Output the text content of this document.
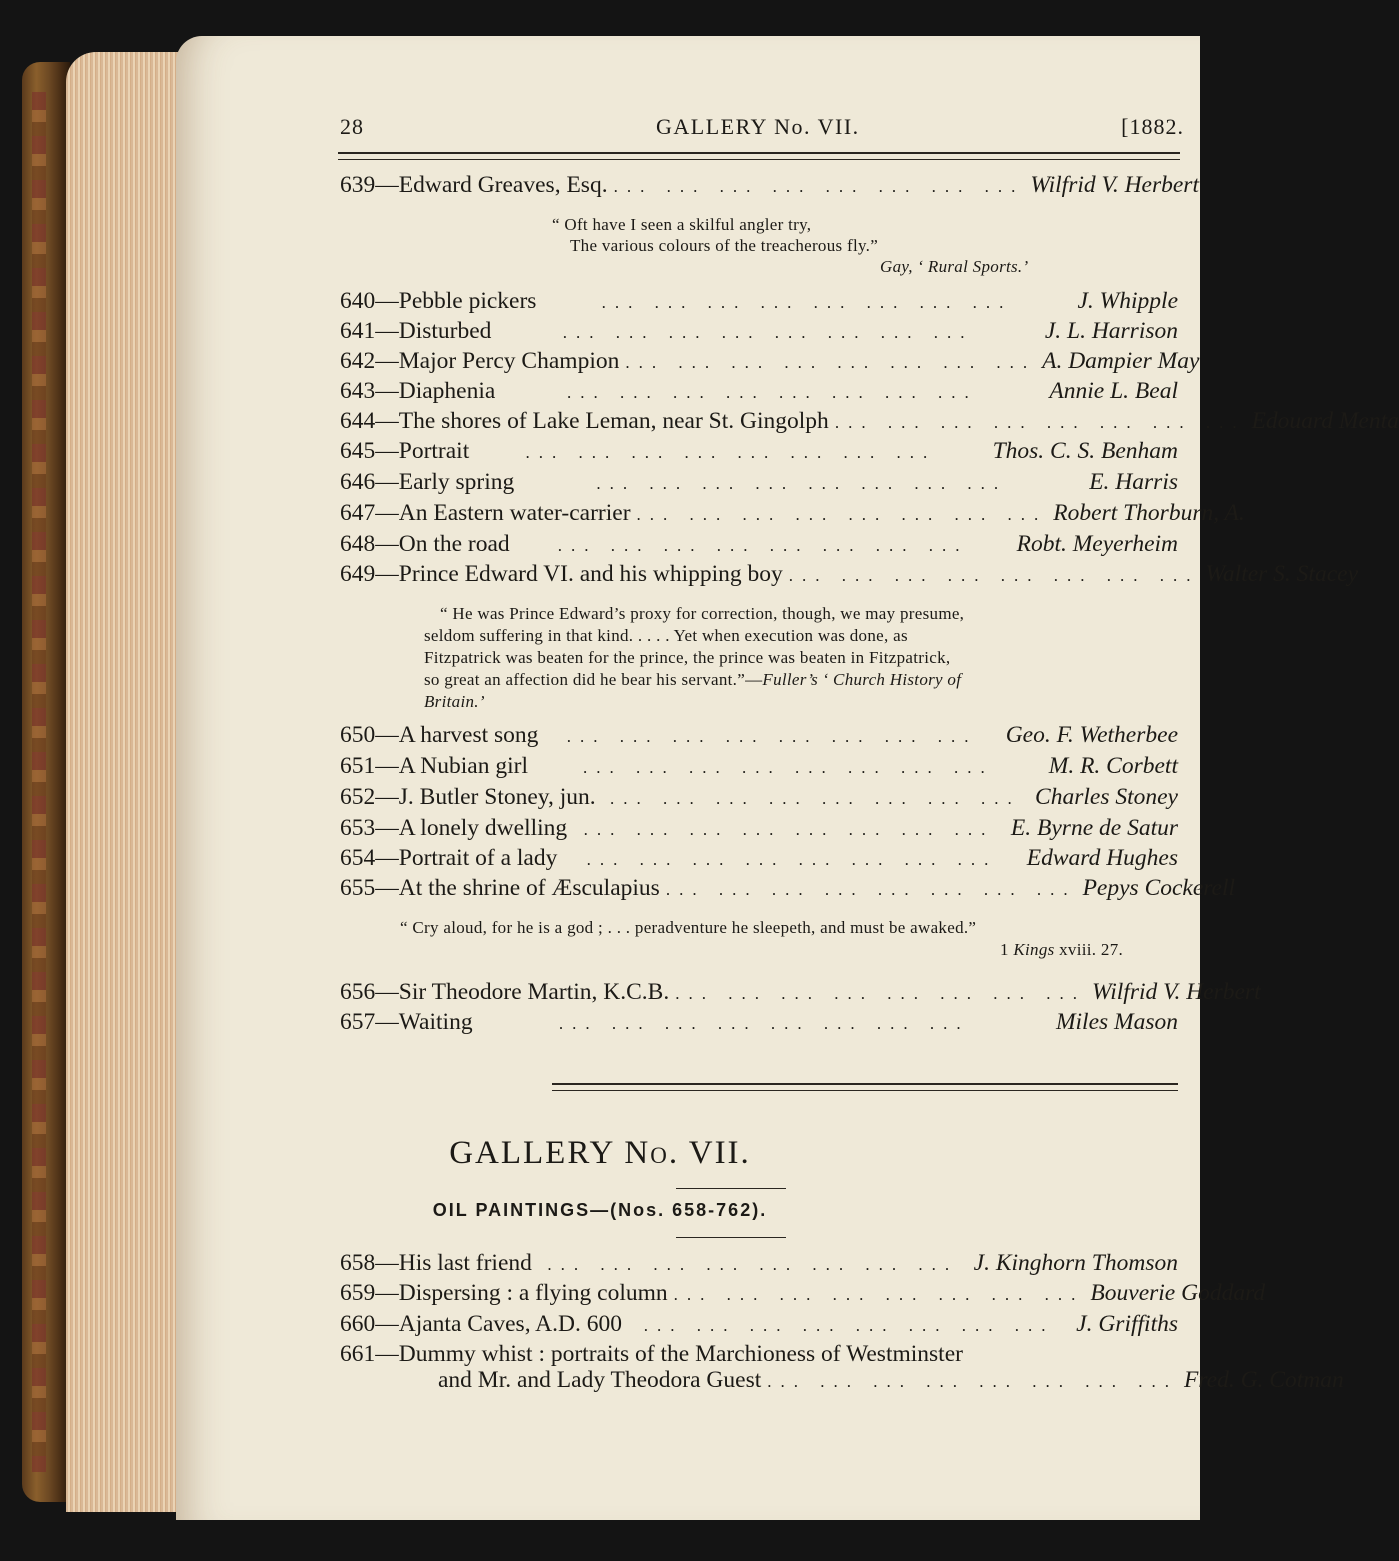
28	GALLERY No. VII.	[1882.
639—Edward Greaves, Esq. ... ... ... ... ... ... ... ... Wilfrid V. Herbert
“ Oft have I seen a skilful angler try,
The various colours of the treacherous fly.”
Gay, ‘ Rural Sports.’
640—Pebble pickers	... ... ... ... ... ... ... ...	J. Whipple
641—Disturbed	... ... ... ... ... ... ... ...	J. L. Harrison
642—Major Percy Champion ... ... ... ... ... ... ... ... A. Dampier May
643—Diaphenia	... ... ... ... ... ... ... ...	Annie L. Beal
644—The shores of Lake Leman, near St. Gingolph ... ... ... ... ... ... ... ... Edouard Menta
645—Portrait	... ... ... ... ... ... ... ...	Thos. C. S. Benham
646—Early spring	... ... ... ... ... ... ... ...	E. Harris
647—An Eastern water-carrier ... ... ... ... ... ... ... ... Robert Thorburn, A.
648—On the road	... ... ... ... ... ... ... ...	Robt. Meyerheim
649—Prince Edward VI. and his whipping boy ... ... ... ... ... ... ... ... Walter S. Stacey
“ He was Prince Edward’s proxy for correction, though, we may presume,
seldom suffering in that kind. . . . . Yet when execution was done, as
Fitzpatrick was beaten for the prince, the prince was beaten in Fitzpatrick,
so great an affection did he bear his servant.”—Fuller’s ‘ Church History of
Britain.’
650—A harvest song	... ... ... ... ... ... ... ...	Geo. F. Wetherbee
651—A Nubian girl	... ... ... ... ... ... ... ...	M. R. Corbett
652—J. Butler Stoney, jun. ... ... ... ... ... ... ... ... Charles Stoney
653—A lonely dwelling ... ... ... ... ... ... ... ... E. Byrne de Satur
654—Portrait of a lady	... ... ... ... ... ... ... ...	Edward Hughes
655—At the shrine of Æsculapius ... ... ... ... ... ... ... ... Pepys Cockerell
“ Cry aloud, for he is a god ; . . . peradventure he sleepeth, and must be awaked.”
1 Kings xviii. 27.
656—Sir Theodore Martin, K.C.B. ... ... ... ... ... ... ... ... Wilfrid V. Herbert
657—Waiting	... ... ... ... ... ... ... ...	Miles Mason
GALLERY No. VII.
OIL PAINTINGS—(Nos. 658-762).
658—His last friend ... ... ... ... ... ... ... ... J. Kinghorn Thomson
659—Dispersing : a flying column ... ... ... ... ... ... ... ... Bouverie Goddard
660—Ajanta Caves, A.D. 600	... ... ... ... ... ... ... ... J. Griffiths
661—Dummy whist : portraits of the Marchioness of Westminster
and Mr. and Lady Theodora Guest ... ... ... ... ... ... ... ... Fred. G. Cotman
